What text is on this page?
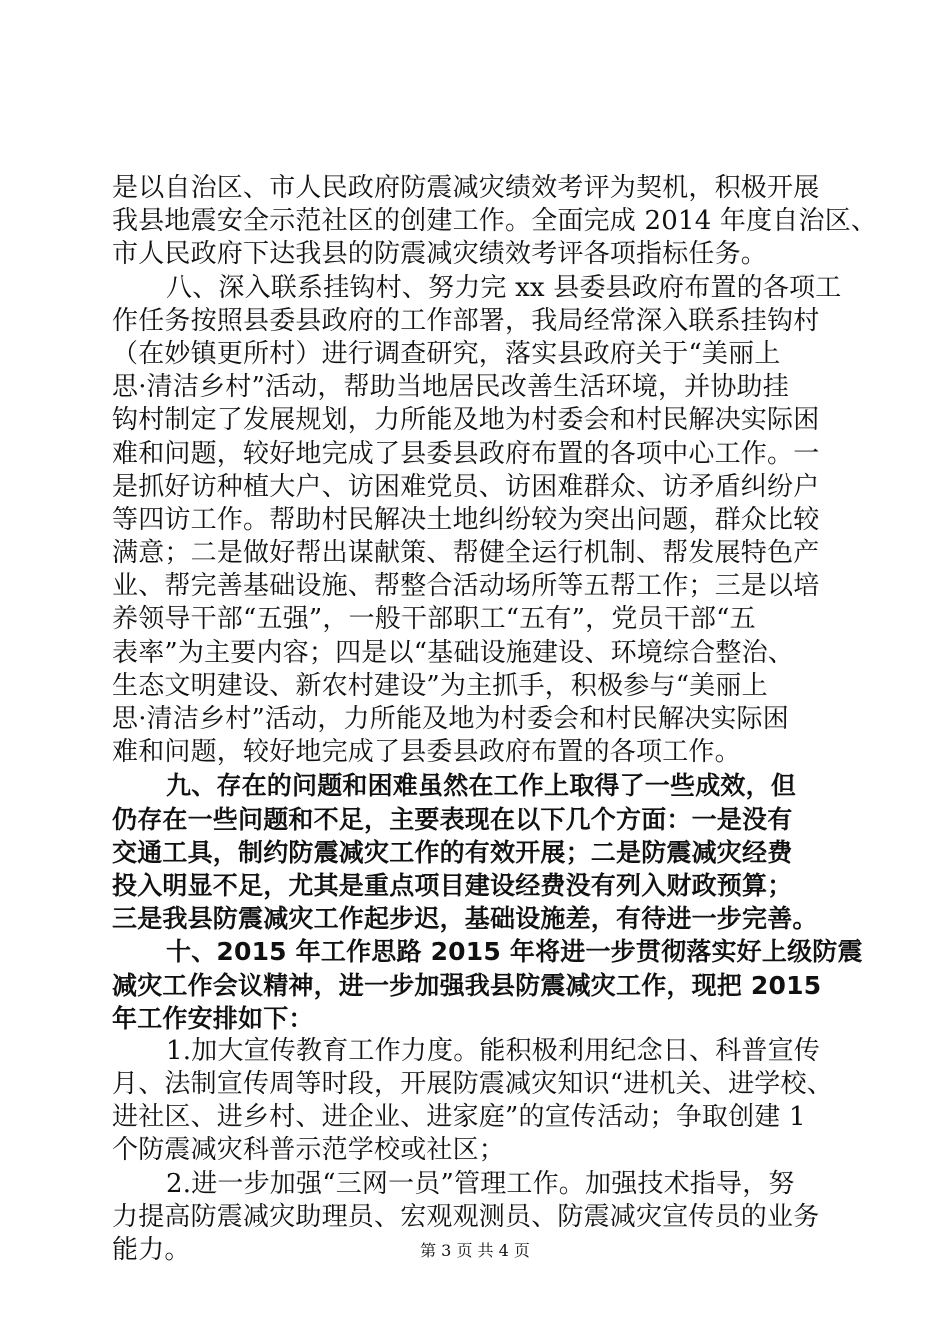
是以自治区、市人民政府防震减灾绩效考评为契机，积极开展
我县地震安全示范社区的创建工作。全面完成 2014 年度自治区、
市人民政府下达我县的防震减灾绩效考评各项指标任务。
八、深入联系挂钩村、努力完 xx 县委县政府布置的各项工
作任务按照县委县政府的工作部署，我局经常深入联系挂钩村
（在妙镇更所村）进行调查研究，落实县政府关于“美丽上
思·清洁乡村”活动，帮助当地居民改善生活环境，并协助挂
钩村制定了发展规划，力所能及地为村委会和村民解决实际困
难和问题，较好地完成了县委县政府布置的各项中心工作。一
是抓好访种植大户、访困难党员、访困难群众、访矛盾纠纷户
等四访工作。帮助村民解决土地纠纷较为突出问题，群众比较
满意；二是做好帮出谋献策、帮健全运行机制、帮发展特色产
业、帮完善基础设施、帮整合活动场所等五帮工作；三是以培
养领导干部“五强”，一般干部职工“五有”，党员干部“五
表率”为主要内容；四是以“基础设施建设、环境综合整治、
生态文明建设、新农村建设”为主抓手，积极参与“美丽上
思·清洁乡村”活动，力所能及地为村委会和村民解决实际困
难和问题，较好地完成了县委县政府布置的各项工作。
九、存在的问题和困难虽然在工作上取得了一些成效，但
仍存在一些问题和不足，主要表现在以下几个方面：一是没有
交通工具，制约防震减灾工作的有效开展；二是防震减灾经费
投入明显不足，尤其是重点项目建设经费没有列入财政预算；
三是我县防震减灾工作起步迟，基础设施差，有待进一步完善。
十、2015 年工作思路 2015 年将进一步贯彻落实好上级防震
减灾工作会议精神，进一步加强我县防震减灾工作，现把 2015
年工作安排如下：
1.加大宣传教育工作力度。能积极利用纪念日、科普宣传
月、法制宣传周等时段，开展防震减灾知识“进机关、进学校、
进社区、进乡村、进企业、进家庭”的宣传活动；争取创建 1
个防震减灾科普示范学校或社区；
2.进一步加强“三网一员”管理工作。加强技术指导，努
力提高防震减灾助理员、宏观观测员、防震减灾宣传员的业务
能力。	第 3 页 共 4 页
